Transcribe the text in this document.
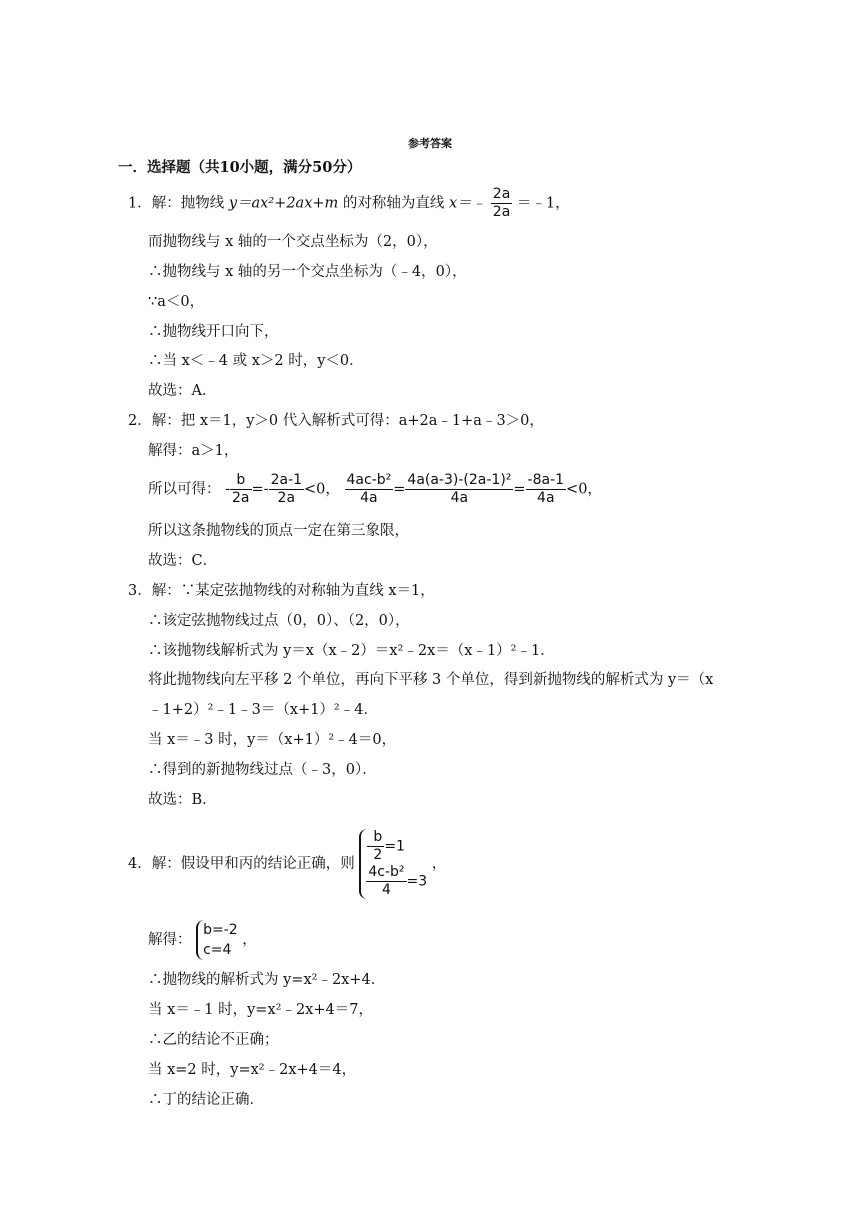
参考答案
一．选择题（共10小题，满分50分）
1．解：抛物线 y＝ax²+2ax+m 的对称轴为直线 x＝﹣ $\frac{2a}{2a}$ ＝﹣1，
而抛物线与 x 轴的一个交点坐标为（2，0），
∴抛物线与 x 轴的另一个交点坐标为（﹣4，0），
∵a＜0，
∴抛物线开口向下，
∴当 x＜﹣4 或 x＞2 时，y＜0．
故选：A．
2．解：把 x＝1，y＞0 代入解析式可得：a+2a﹣1+a﹣3＞0，
解得：a＞1，
所以可得： - $\frac{b}{2a} =- \frac{2a-1}{2a} <0$， $\frac{\text{4ac-b²}}{4a} = \frac{\text{4a(a-3)-(2a-1)²}}{4a} = \frac{-8a-1}{4a} <0$，
所以这条抛物线的顶点一定在第三象限，
故选：C．
3．解：∵某定弦抛物线的对称轴为直线 x＝1，
∴该定弦抛物线过点（0，0）、（2，0），
∴该抛物线解析式为 y＝x（x﹣2）＝x²﹣2x＝（x﹣1）²﹣1．
将此抛物线向左平移 2 个单位，再向下平移 3 个单位，得到新抛物线的解析式为 y＝（x
﹣1+2）²﹣1﹣3＝（x+1）²﹣4．
当 x＝﹣3 时，y＝（x+1）²﹣4＝0，
∴得到的新抛物线过点（﹣3，0）．
故选：B．
4．解：假设甲和丙的结论正确，则
- $\frac{b}{2} =1$
$\frac{\text{4c-b²}}{4} =3$
，
解得：
b=-2
c=4
，
∴抛物线的解析式为 y=x²﹣2x+4．
当 x＝﹣1 时，y=x²﹣2x+4＝7，
∴乙的结论不正确；
当 x=2 时，y=x²﹣2x+4＝4，
∴丁的结论正确．
